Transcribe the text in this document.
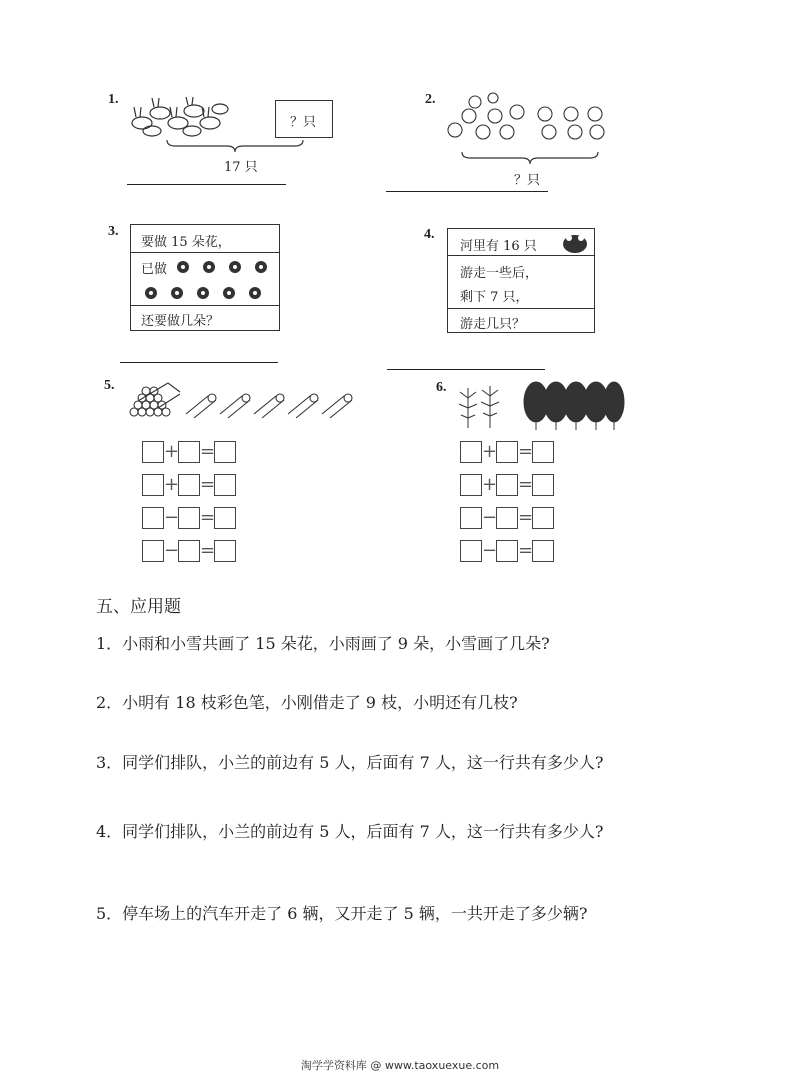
1.
？只
17 只
2.
？只
3.
要做 15 朵花，
已做
还要做几朵？
4.
河里有 16 只
游走一些后，
剩下 7 只，
游走几只？
5.
+ =
+ =
− =
− =
6.
+ =
+ =
− =
− =
五、应用题
1．小雨和小雪共画了 15 朵花，小雨画了 9 朵，小雪画了几朵?
2．小明有 18 枝彩色笔，小刚借走了 9 枝，小明还有几枝?
3．同学们排队，小兰的前边有 5 人，后面有 7 人，这一行共有多少人?
4．同学们排队，小兰的前边有 5 人，后面有 7 人，这一行共有多少人?
5．停车场上的汽车开走了 6 辆，又开走了 5 辆，一共开走了多少辆?
淘学学资料库 @ www.taoxuexue.com
